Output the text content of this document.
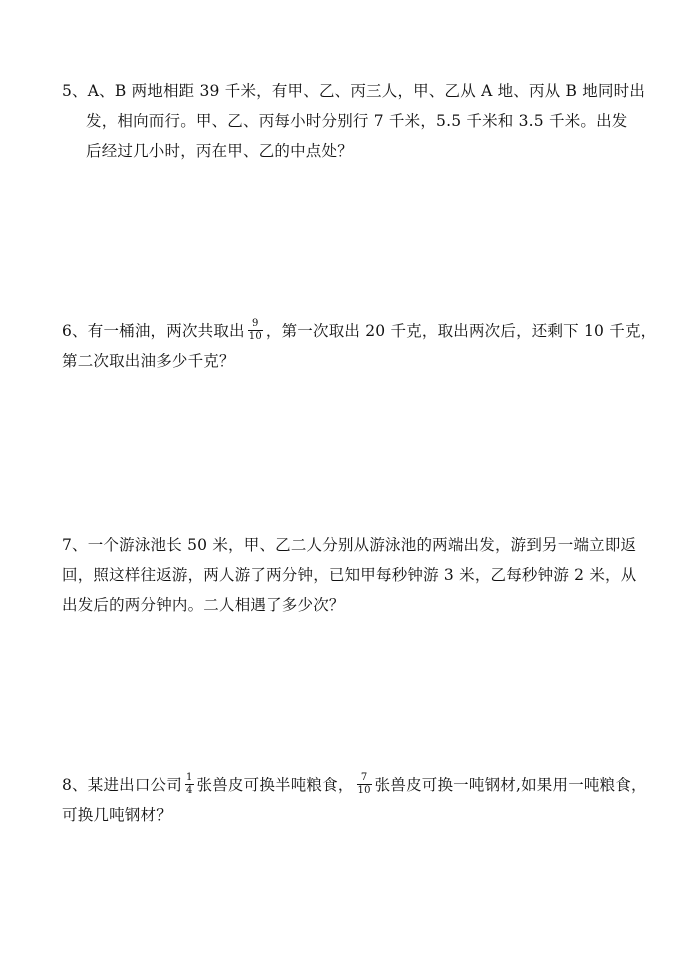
5、A、B 两地相距 39 千米，有甲、乙、丙三人，甲、乙从 A 地、丙从 B 地同时出
发，相向而行。甲、乙、丙每小时分别行 7 千米，5.5 千米和 3.5 千米。出发
后经过几小时，丙在甲、乙的中点处？
6、有一桶油，两次共取出 $\frac{9}{10}$ ，第一次取出 20 千克，取出两次后，还剩下 10 千克，
第二次取出油多少千克？
7、一个游泳池长 50 米，甲、乙二人分别从游泳池的两端出发，游到另一端立即返
回，照这样往返游，两人游了两分钟，已知甲每秒钟游 3 米，乙每秒钟游 2 米，从
出发后的两分钟内。二人相遇了多少次？
8、某进出口公司 $\frac{1}{4}$ 张兽皮可换半吨粮食， $\frac{7}{10}$ 张兽皮可换一吨钢材,如果用一吨粮食，
可换几吨钢材？
